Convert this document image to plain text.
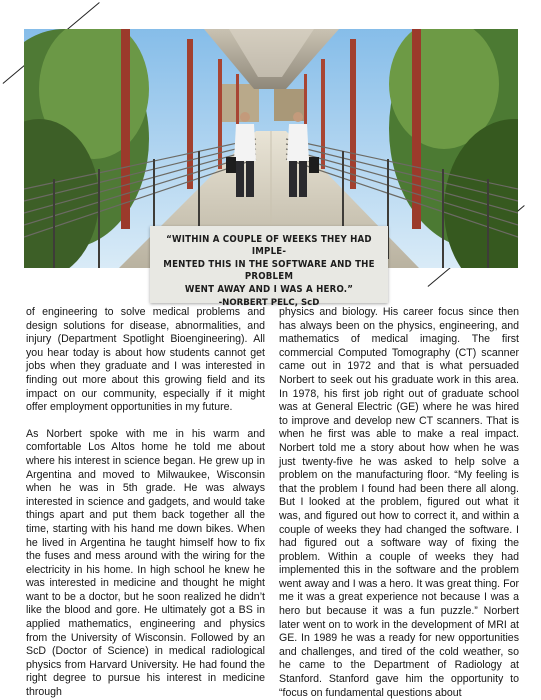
“WITHIN A COUPLE OF WEEKS THEY HAD IMPLE-
MENTED THIS IN THE SOFTWARE AND THE PROBLEM
WENT AWAY AND I WAS A HERO.”

-NORBERT PELC, ScD

of engineering to solve medical problems and design solutions for disease, abnormalities, and injury (Department Spotlight Bioengineering). All you hear today is about how students cannot get jobs when they graduate and I was interested in finding out more about this growing field and its impact on our community, especially if it might offer employment opportunities in my future.

As Norbert spoke with me in his warm and comfortable Los Altos home he told me about where his interest in science began. He grew up in Argentina and moved to Milwaukee, Wisconsin when he was in 5th grade. He was always interested in science and gadgets, and would take things apart and put them back together all the time, starting with his hand me down bikes. When he lived in Argentina he taught himself how to fix the fuses and mess around with the wiring for the electricity in his home. In high school he knew he was interested in medicine and thought he might want to be a doctor, but he soon realized he didn’t like the blood and gore. He ultimately got a BS in applied mathematics, engineering and physics from the University of Wisconsin. Followed by an ScD (Doctor of Science) in medical radiological physics from Harvard University. He had found the right degree to pursue his interest in medicine through

physics and biology. His career focus since then has always been on the physics, engineering, and mathematics of medical imaging. The first commercial Computed Tomography (CT) scanner came out in 1972 and that is what persuaded Norbert to seek out his graduate work in this area. In 1978, his first job right out of graduate school was at General Electric (GE) where he was hired to improve and develop new CT scanners. That is when he first was able to make a real impact. Norbert told me a story about how when he was just twenty-five he was asked to help solve a problem on the manufacturing floor. “My feeling is that the problem I found had been there all along. But I looked at the problem, figured out what it was, and figured out how to correct it, and within a couple of weeks they had changed the software. I had figured out a software way of fixing the problem. Within a couple of weeks they had implemented this in the software and the problem went away and I was a hero. It was great thing. For me it was a great experience not because I was a hero but because it was a fun puzzle.” Norbert later went on to work in the development of MRI at GE. In 1989 he was a ready for new opportunities and challenges, and tired of the cold weather, so he came to the Department of Radiology at Stanford. Stanford gave him the opportunity to “focus on fundamental questions about
